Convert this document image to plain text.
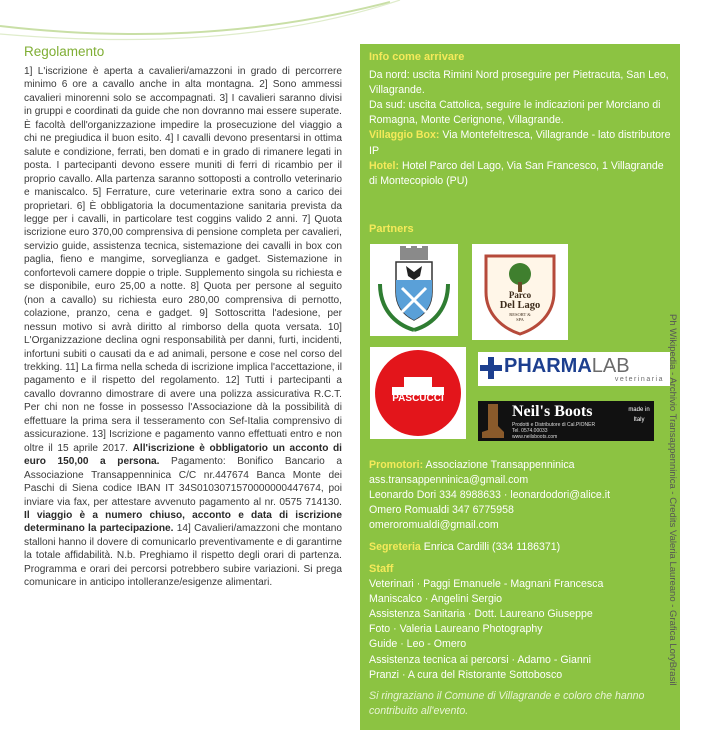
Regolamento

1] L'iscrizione è aperta a cavalieri/amazzoni in grado di percorrere minimo 6 ore a cavallo anche in alta montagna. 2] Sono ammessi cavalieri minorenni solo se accompagnati. 3] I cavalieri saranno divisi in gruppi e coordinati da guide che non dovranno mai essere superate. È facoltà dell'organizzazione impedire la prosecuzione del viaggio a chi ne pregiudica il buon esito. 4] I cavalli devono presentarsi in ottima salute e condizione, ferrati, ben domati e in grado di rimanere legati in posta. I partecipanti devono essere muniti di ferri di ricambio per il proprio cavallo. Alla partenza saranno sottoposti a controllo veterinario e maniscalco. 5] Ferrature, cure veterinarie extra sono a carico dei proprietari. 6] È obbligatoria la documentazione sanitaria prevista da legge per i cavalli, in particolare test coggins valido 2 anni. 7] Quota iscrizione euro 370,00 comprensiva di pensione completa per cavalieri, servizio guide, assistenza tecnica, sistemazione dei cavalli in box con paglia, fieno e mangime, sorveglianza e gadget. Sistemazione in confortevoli camere doppie o triple. Supplemento singola su richiesta e se disponibile, euro 25,00 a notte. 8] Quota per persone al seguito (non a cavallo) su richiesta euro 280,00 comprensiva di pernotto, colazione, pranzo, cena e gadget. 9] Sottoscritta l'adesione, per nessun motivo si avrà diritto al rimborso della quota versata. 10] L'Organizzazione declina ogni responsabilità per danni, furti, incidenti, infortuni subiti o causati da e ad animali, persone e cose nel corso del trekking. 11] La firma nella scheda di iscrizione implica l'accettazione, il pagamento e il rispetto del regolamento. 12] Tutti i partecipanti a cavallo dovranno dimostrare di avere una polizza assicurativa R.C.T. Per chi non ne fosse in possesso l'Associazione dà la possibilità di effettuare la prima sera il tesseramento con Sef-Italia comprensivo di assicurazione. 13] Iscrizione e pagamento vanno effettuati entro e non oltre il 15 aprile 2017. All'iscrizione è obbligatorio un acconto di euro 150,00 a persona. Pagamento: Bonifico Bancario a Associazione Transappenninica C/C nr.447674 Banca Monte dei Paschi di Siena codice IBAN IT 34S0103071570000000447674, poi inviare via fax, per attestare avvenuto pagamento al nr. 0575 714130. Il viaggio è a numero chiuso, acconto e data di iscrizione determinano la partecipazione. 14] Cavalieri/amazzoni che montano stalloni hanno il dovere di comunicarlo preventivamente e di garantirne la totale affidabilità. N.b. Preghiamo il rispetto degli orari di partenza. Programma e orari dei percorsi potrebbero subire variazioni. Si prega comunicare in anticipo intolleranze/esigenze alimentari.

Info come arrivare
Da nord: uscita Rimini Nord proseguire per Pietracuta, San Leo, Villagrande.
Da sud: uscita Cattolica, seguire le indicazioni per Morciano di Romagna, Monte Cerignone, Villagrande.
Villaggio Box: Via Montefeltresca, Villagrande - lato distributore IP
Hotel: Hotel Parco del Lago, Via San Francesco, 1 Villagrande di Montecopiolo (PU)
Partners
Parco
Del Lago
RESORT & SPA
PASCUCCI
PHARMALAB
veterinaria
Neil's Boots
Prodotti e Distributore di Cal.PIONER
Tel. 0574.00033
www.neilsboots.com
made in Italy
Promotori: Associazione Transappenninica
ass.transappenninica@gmail.com
Leonardo Dori 334 8988633 · leonardodori@alice.it
Omero Romualdi 347 6775958
omeroromualdi@gmail.com
Segreteria Enrica Cardilli (334 1186371)
Staff
Veterinari · Paggi Emanuele - Magnani Francesca
Maniscalco · Angelini Sergio
Assistenza Sanitaria · Dott. Laureano Giuseppe
Foto · Valeria Laureano Photography
Guide · Leo - Omero
Assistenza tecnica ai percorsi · Adamo - Gianni
Pranzi · A cura del Ristorante Sottobosco
Si ringraziano il Comune di Villagrande e coloro che hanno contribuito all'evento.
Ph Wikipedia - Archivio Transappenninica - Credits Valeria Laureano - Grafica LoryBrasil
